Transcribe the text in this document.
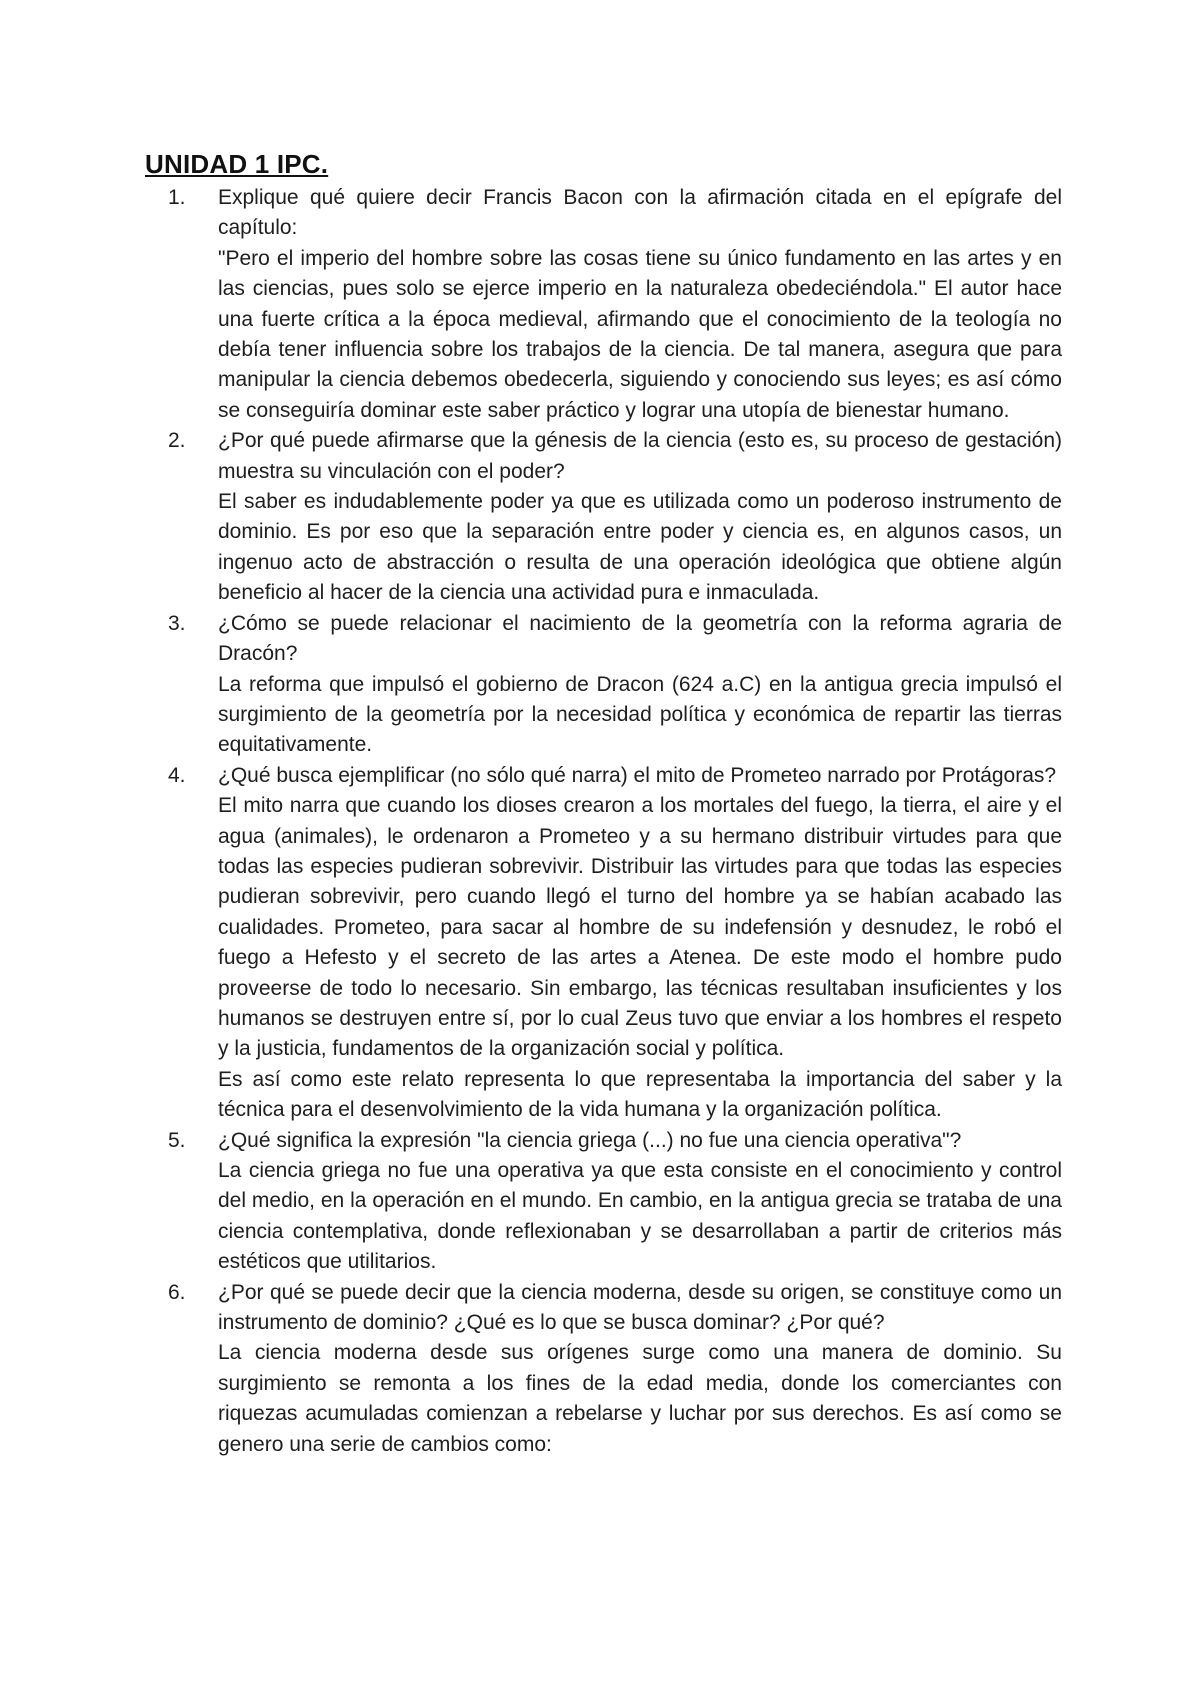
UNIDAD 1 IPC.
1.	Explique qué quiere decir Francis Bacon con la afirmación citada en el epígrafe del capítulo:

"Pero el imperio del hombre sobre las cosas tiene su único fundamento en las artes y en las ciencias, pues solo se ejerce imperio en la naturaleza obedeciéndola." El autor hace una fuerte crítica a la época medieval, afirmando que el conocimiento de la teología no debía tener influencia sobre los trabajos de la ciencia. De tal manera, asegura que para manipular la ciencia debemos obedecerla, siguiendo y conociendo sus leyes; es así cómo se conseguiría dominar este saber práctico y lograr una utopía de bienestar humano.

2.	¿Por qué puede afirmarse que la génesis de la ciencia (esto es, su proceso de gestación) muestra su vinculación con el poder?

El saber es indudablemente poder ya que es utilizada como un poderoso instrumento de dominio. Es por eso que la separación entre poder y ciencia es, en algunos casos, un ingenuo acto de abstracción o resulta de una operación ideológica que obtiene algún beneficio al hacer de la ciencia una actividad pura e inmaculada.

3.	¿Cómo se puede relacionar el nacimiento de la geometría con la reforma agraria de Dracón?

La reforma que impulsó el gobierno de Dracon (624 a.C) en la antigua grecia impulsó el surgimiento de la geometría por la necesidad política y económica de repartir las tierras equitativamente.

4.	¿Qué busca ejemplificar (no sólo qué narra) el mito de Prometeo narrado por Protágoras?

El mito narra que cuando los dioses crearon a los mortales del fuego, la tierra, el aire y el agua (animales), le ordenaron a Prometeo y a su hermano distribuir virtudes para que todas las especies pudieran sobrevivir. Distribuir las virtudes para que todas las especies pudieran sobrevivir, pero cuando llegó el turno del hombre ya se habían acabado las cualidades. Prometeo, para sacar al hombre de su indefensión y desnudez, le robó el fuego a Hefesto y el secreto de las artes a Atenea. De este modo el hombre pudo proveerse de todo lo necesario. Sin embargo, las técnicas resultaban insuficientes y los humanos se destruyen entre sí, por lo cual Zeus tuvo que enviar a los hombres el respeto y la justicia, fundamentos de la organización social y política.

Es así como este relato representa lo que representaba la importancia del saber y la técnica para el desenvolvimiento de la vida humana y la organización política.

5.	¿Qué significa la expresión "la ciencia griega (...) no fue una ciencia operativa"?

La ciencia griega no fue una operativa ya que esta consiste en el conocimiento y control del medio, en la operación en el mundo. En cambio, en la antigua grecia se trataba de una ciencia contemplativa, donde reflexionaban y se desarrollaban a partir de criterios más estéticos que utilitarios.

6.	¿Por qué se puede decir que la ciencia moderna, desde su origen, se constituye como un instrumento de dominio? ¿Qué es lo que se busca dominar? ¿Por qué?

La ciencia moderna desde sus orígenes surge como una manera de dominio. Su surgimiento se remonta a los fines de la edad media, donde los comerciantes con riquezas acumuladas comienzan a rebelarse y luchar por sus derechos. Es así como se genero una serie de cambios como:
